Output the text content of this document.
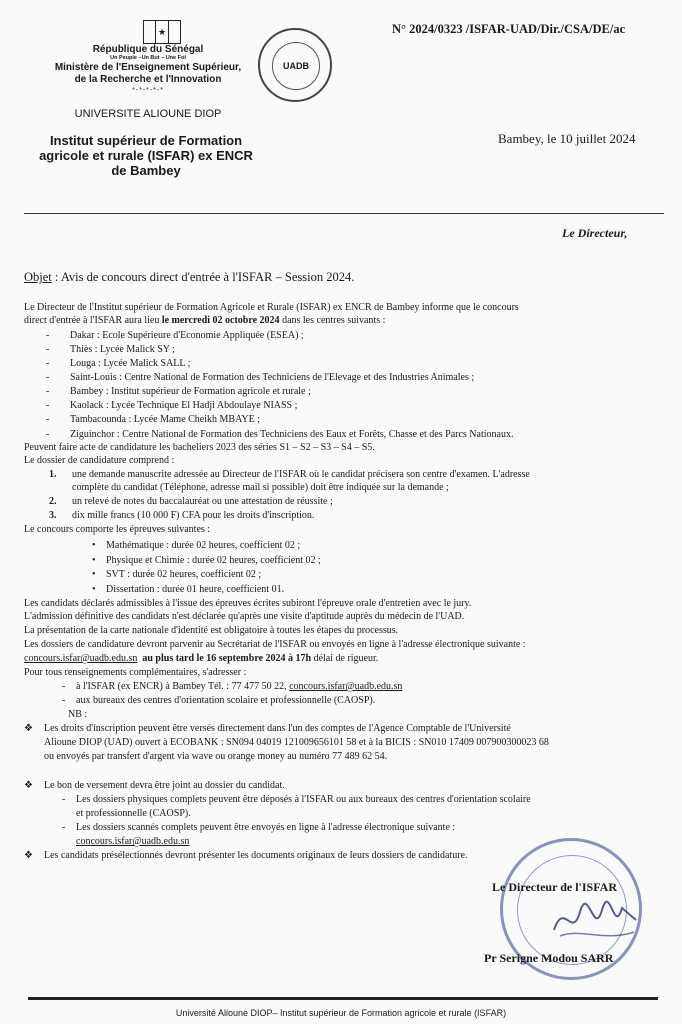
★
République du Sénégal
Un Peuple –Un But – Une Foi
Ministère de l'Enseignement Supérieur,
de la Recherche et l'Innovation
*-*-*-*-*
UNIVERSITE ALIOUNE DIOP
Institut supérieur de Formation
agricole et rurale (ISFAR) ex ENCR
de Bambey
UADB
N° 2024/0323 /ISFAR-UAD/Dir./CSA/DE/ac
Bambey, le 10 juillet 2024
Le Directeur,
Objet : Avis de concours direct d'entrée à l'ISFAR – Session 2024.
Le Directeur de l'Institut supérieur de Formation Agricole et Rurale (ISFAR) ex ENCR de Bambey informe que le concours
direct d'entrée à l'ISFAR aura lieu le mercredi 02 octobre 2024 dans les centres suivants :
- Dakar : Ecole Supérieure d'Economie Appliquée (ESEA) ;
- Thiès : Lycée Malick SY ;
- Louga : Lycée Malick SALL ;
- Saint-Louis : Centre National de Formation des Techniciens de l'Elevage et des Industries Animales ;
- Bambey : Institut supérieur de Formation agricole et rurale ;
- Kaolack : Lycée Technique El Hadji Abdoulaye NIASS ;
- Tambacounda : Lycée Mame Cheikh MBAYE ;
- Ziguinchor : Centre National de Formation des Techniciens des Eaux et Forêts, Chasse et des Parcs Nationaux.
Peuvent faire acte de candidature les bacheliers 2023 des séries S1 – S2 – S3 – S4 – S5.
Le dossier de candidature comprend :
1. une demande manuscrite adressée au Directeur de l'ISFAR où le candidat précisera son centre d'examen. L'adresse
complète du candidat (Téléphone, adresse mail si possible) doit être indiquée sur la demande ;
2. un relevé de notes du baccalauréat ou une attestation de réussite ;
3. dix mille francs (10 000 F) CFA pour les droits d'inscription.
Le concours comporte les épreuves suivantes :
• Mathématique : durée 02 heures, coefficient 02 ;
• Physique et Chimie : durée 02 heures, coefficient 02 ;
• SVT : durée 02 heures, coefficient 02 ;
• Dissertation : durée 01 heure, coefficient 01.
Les candidats déclarés admissibles à l'issue des épreuves écrites subiront l'épreuve orale d'entretien avec le jury.
L'admission définitive des candidats n'est déclarée qu'après une visite d'aptitude auprès du médecin de l'UAD.
La présentation de la carte nationale d'identité est obligatoire à toutes les étapes du processus.
Les dossiers de candidature devront parvenir au Secrétariat de l'ISFAR ou envoyés en ligne à l'adresse électronique suivante :
concours.isfar@uadb.edu.sn au plus tard le 16 septembre 2024 à 17h délai de rigueur.
Pour tous renseignements complémentaires, s'adresser :
- à l'ISFAR (ex ENCR) à Bambey Tél. : 77 477 50 22, concours.isfar@uadb.edu.sn
- aux bureaux des centres d'orientation scolaire et professionnelle (CAOSP).
NB :
❖ Les droits d'inscription peuvent être versés directement dans l'un des comptes de l'Agence Comptable de l'Université
Alioune DIOP (UAD) ouvert à ECOBANK : SN094 04019 121009656101 58 et à la BICIS : SN010 17409 007900300023 68
ou envoyés par transfert d'argent via wave ou orange money au numéro 77 489 62 54.
❖ Le bon de versement devra être joint au dossier du candidat.
- Les dossiers physiques complets peuvent être déposés à l'ISFAR ou aux bureaux des centres d'orientation scolaire
et professionnelle (CAOSP).
- Les dossiers scannés complets peuvent être envoyés en ligne à l'adresse électronique suivante :
concours.isfar@uadb.edu.sn
❖ Les candidats présélectionnés devront présenter les documents originaux de leurs dossiers de candidature.
Le Directeur de l'ISFAR
Pr Serigne Modou SARR
Université Alioune DIOP– Institut supérieur de Formation agricole et rurale (ISFAR)
